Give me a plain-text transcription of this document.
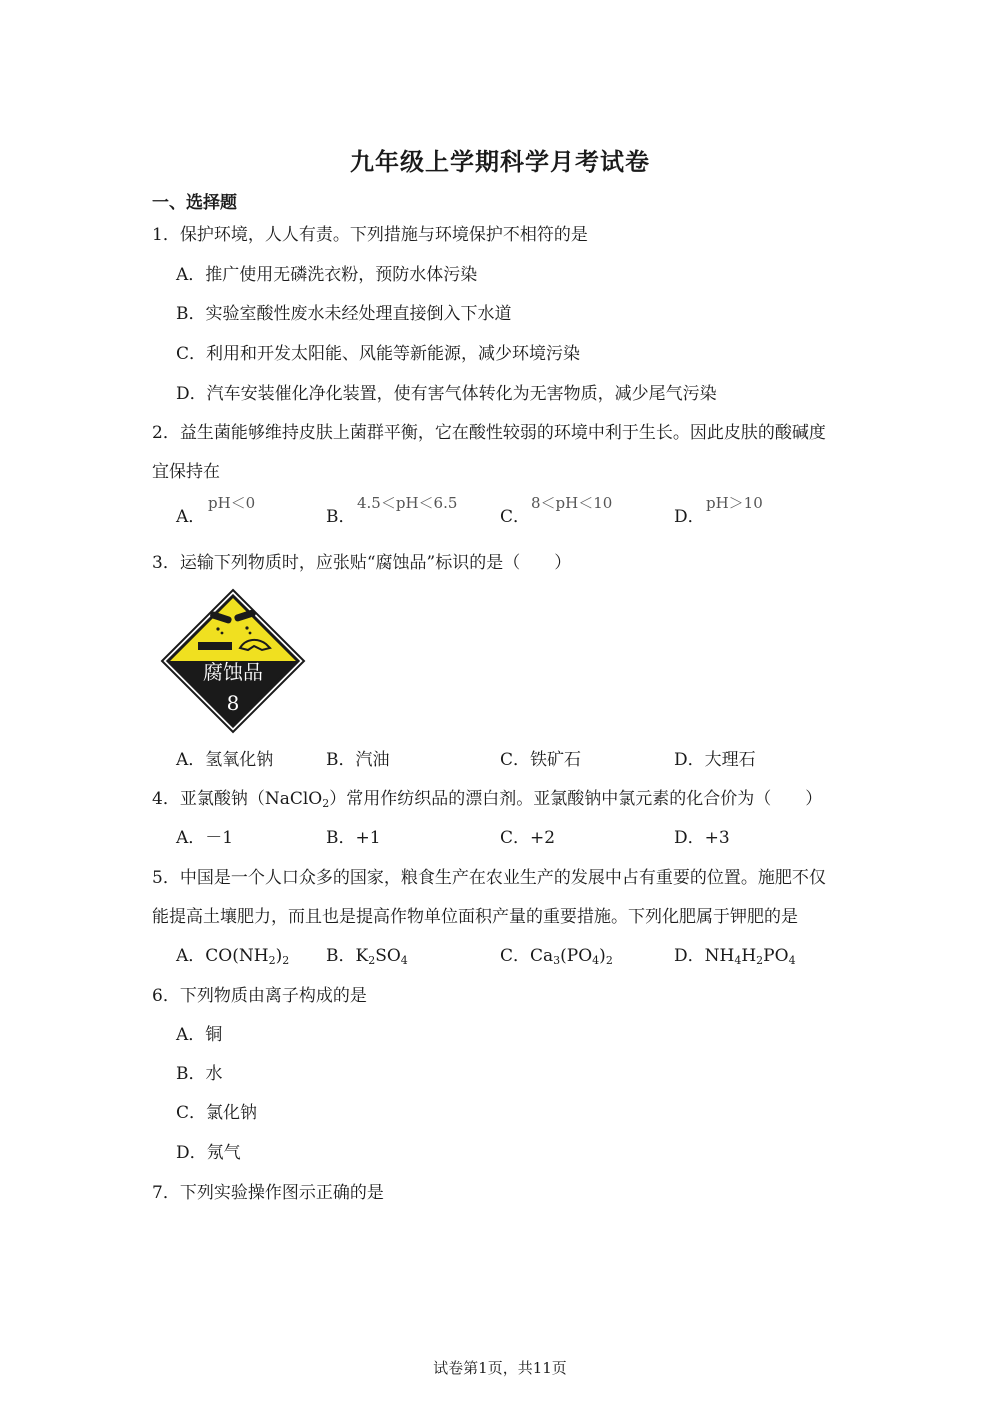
九年级上学期科学月考试卷
一、选择题
1．保护环境，人人有责。下列措施与环境保护不相符的是
A．推广使用无磷洗衣粉，预防水体污染
B．实验室酸性废水未经处理直接倒入下水道
C．利用和开发太阳能、风能等新能源，减少环境污染
D．汽车安装催化净化装置，使有害气体转化为无害物质，减少尾气污染
2．益生菌能够维持皮肤上菌群平衡，它在酸性较弱的环境中利于生长。因此皮肤的酸碱度
宜保持在
A．
pH＜0
B．
4.5＜pH＜6.5
C．
8＜pH＜10
D．
pH＞10
3．运输下列物质时，应张贴“腐蚀品”标识的是（　　）
腐蚀品
8
A．氢氧化钠	B．汽油	C．铁矿石	D．大理石
4．亚氯酸钠（NaClO$_2$）常用作纺织品的漂白剂。亚氯酸钠中氯元素的化合价为（　　）
A．－1	B．+1	C．+2	D．+3
5．中国是一个人口众多的国家，粮食生产在农业生产的发展中占有重要的位置。施肥不仅
能提高土壤肥力，而且也是提高作物单位面积产量的重要措施。下列化肥属于钾肥的是
A．$CO(NH_2)_2$ B．$K_2SO_4$	C．$Ca_3(PO_4)_2$	D．$NH_4H_2PO_4$
6．下列物质由离子构成的是
A．铜
B．水
C．氯化钠
D．氖气
7．下列实验操作图示正确的是
试卷第1页，共11页
